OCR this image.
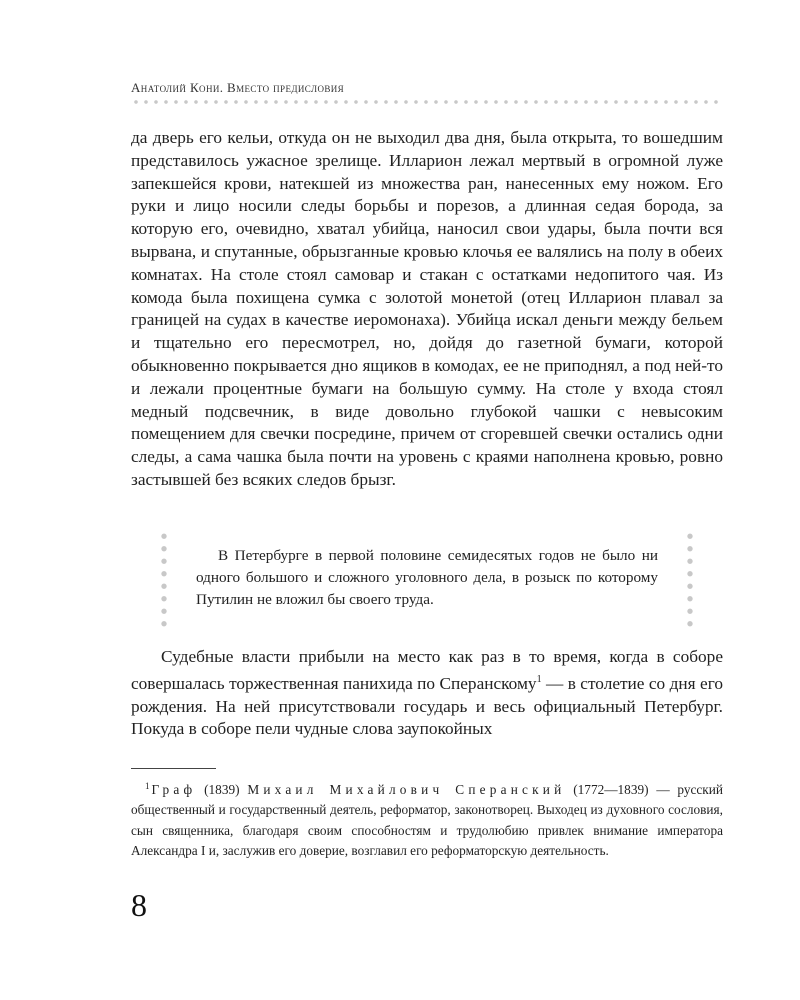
Анатолий Кони. Вместо предисловия

да дверь его кельи, откуда он не выходил два дня, была открыта, то вошедшим представилось ужасное зрелище. Илларион лежал мертвый в огромной луже запекшейся крови, натекшей из множества ран, нанесенных ему ножом. Его руки и лицо носили следы борьбы и порезов, а длинная седая борода, за которую его, очевидно, хватал убийца, наносил свои удары, была почти вся вырвана, и спутанные, обрызганные кровью клочья ее валялись на полу в обеих комнатах. На столе стоял самовар и стакан с остатками недопитого чая. Из комода была похищена сумка с золотой монетой (отец Илларион плавал за границей на судах в качестве иеромонаха). Убийца искал деньги между бельем и тщательно его пересмотрел, но, дойдя до газетной бумаги, которой обыкновенно покрывается дно ящиков в комодах, ее не приподнял, а под ней-то и лежали процентные бумаги на большую сумму. На столе у входа стоял медный подсвечник, в виде довольно глубокой чашки с невысоким помещением для свечки посредине, причем от сгоревшей свечки остались одни следы, а сама чашка была почти на уровень с краями наполнена кровью, ровно застывшей без всяких следов брызг.

В Петербурге в первой половине семидесятых годов не было ни одного большого и сложного уголовного дела, в розыск по которому Путилин не вложил бы своего труда.

Судебные власти прибыли на место как раз в то время, когда в соборе совершалась торжественная панихида по Сперанскому$^1$ — в столетие со дня его рождения. На ней присутствовали государь и весь официальный Петербург. Покуда в соборе пели чудные слова заупокойных

$^1$ Граф (1839) Михаил Михайлович Сперанский (1772—1839) — русский общественный и государственный деятель, реформатор, законотворец. Выходец из духовного сословия, сын священника, благодаря своим способностям и трудолюбию привлек внимание императора Александра I и, заслужив его доверие, возглавил его реформаторскую деятельность.

8
